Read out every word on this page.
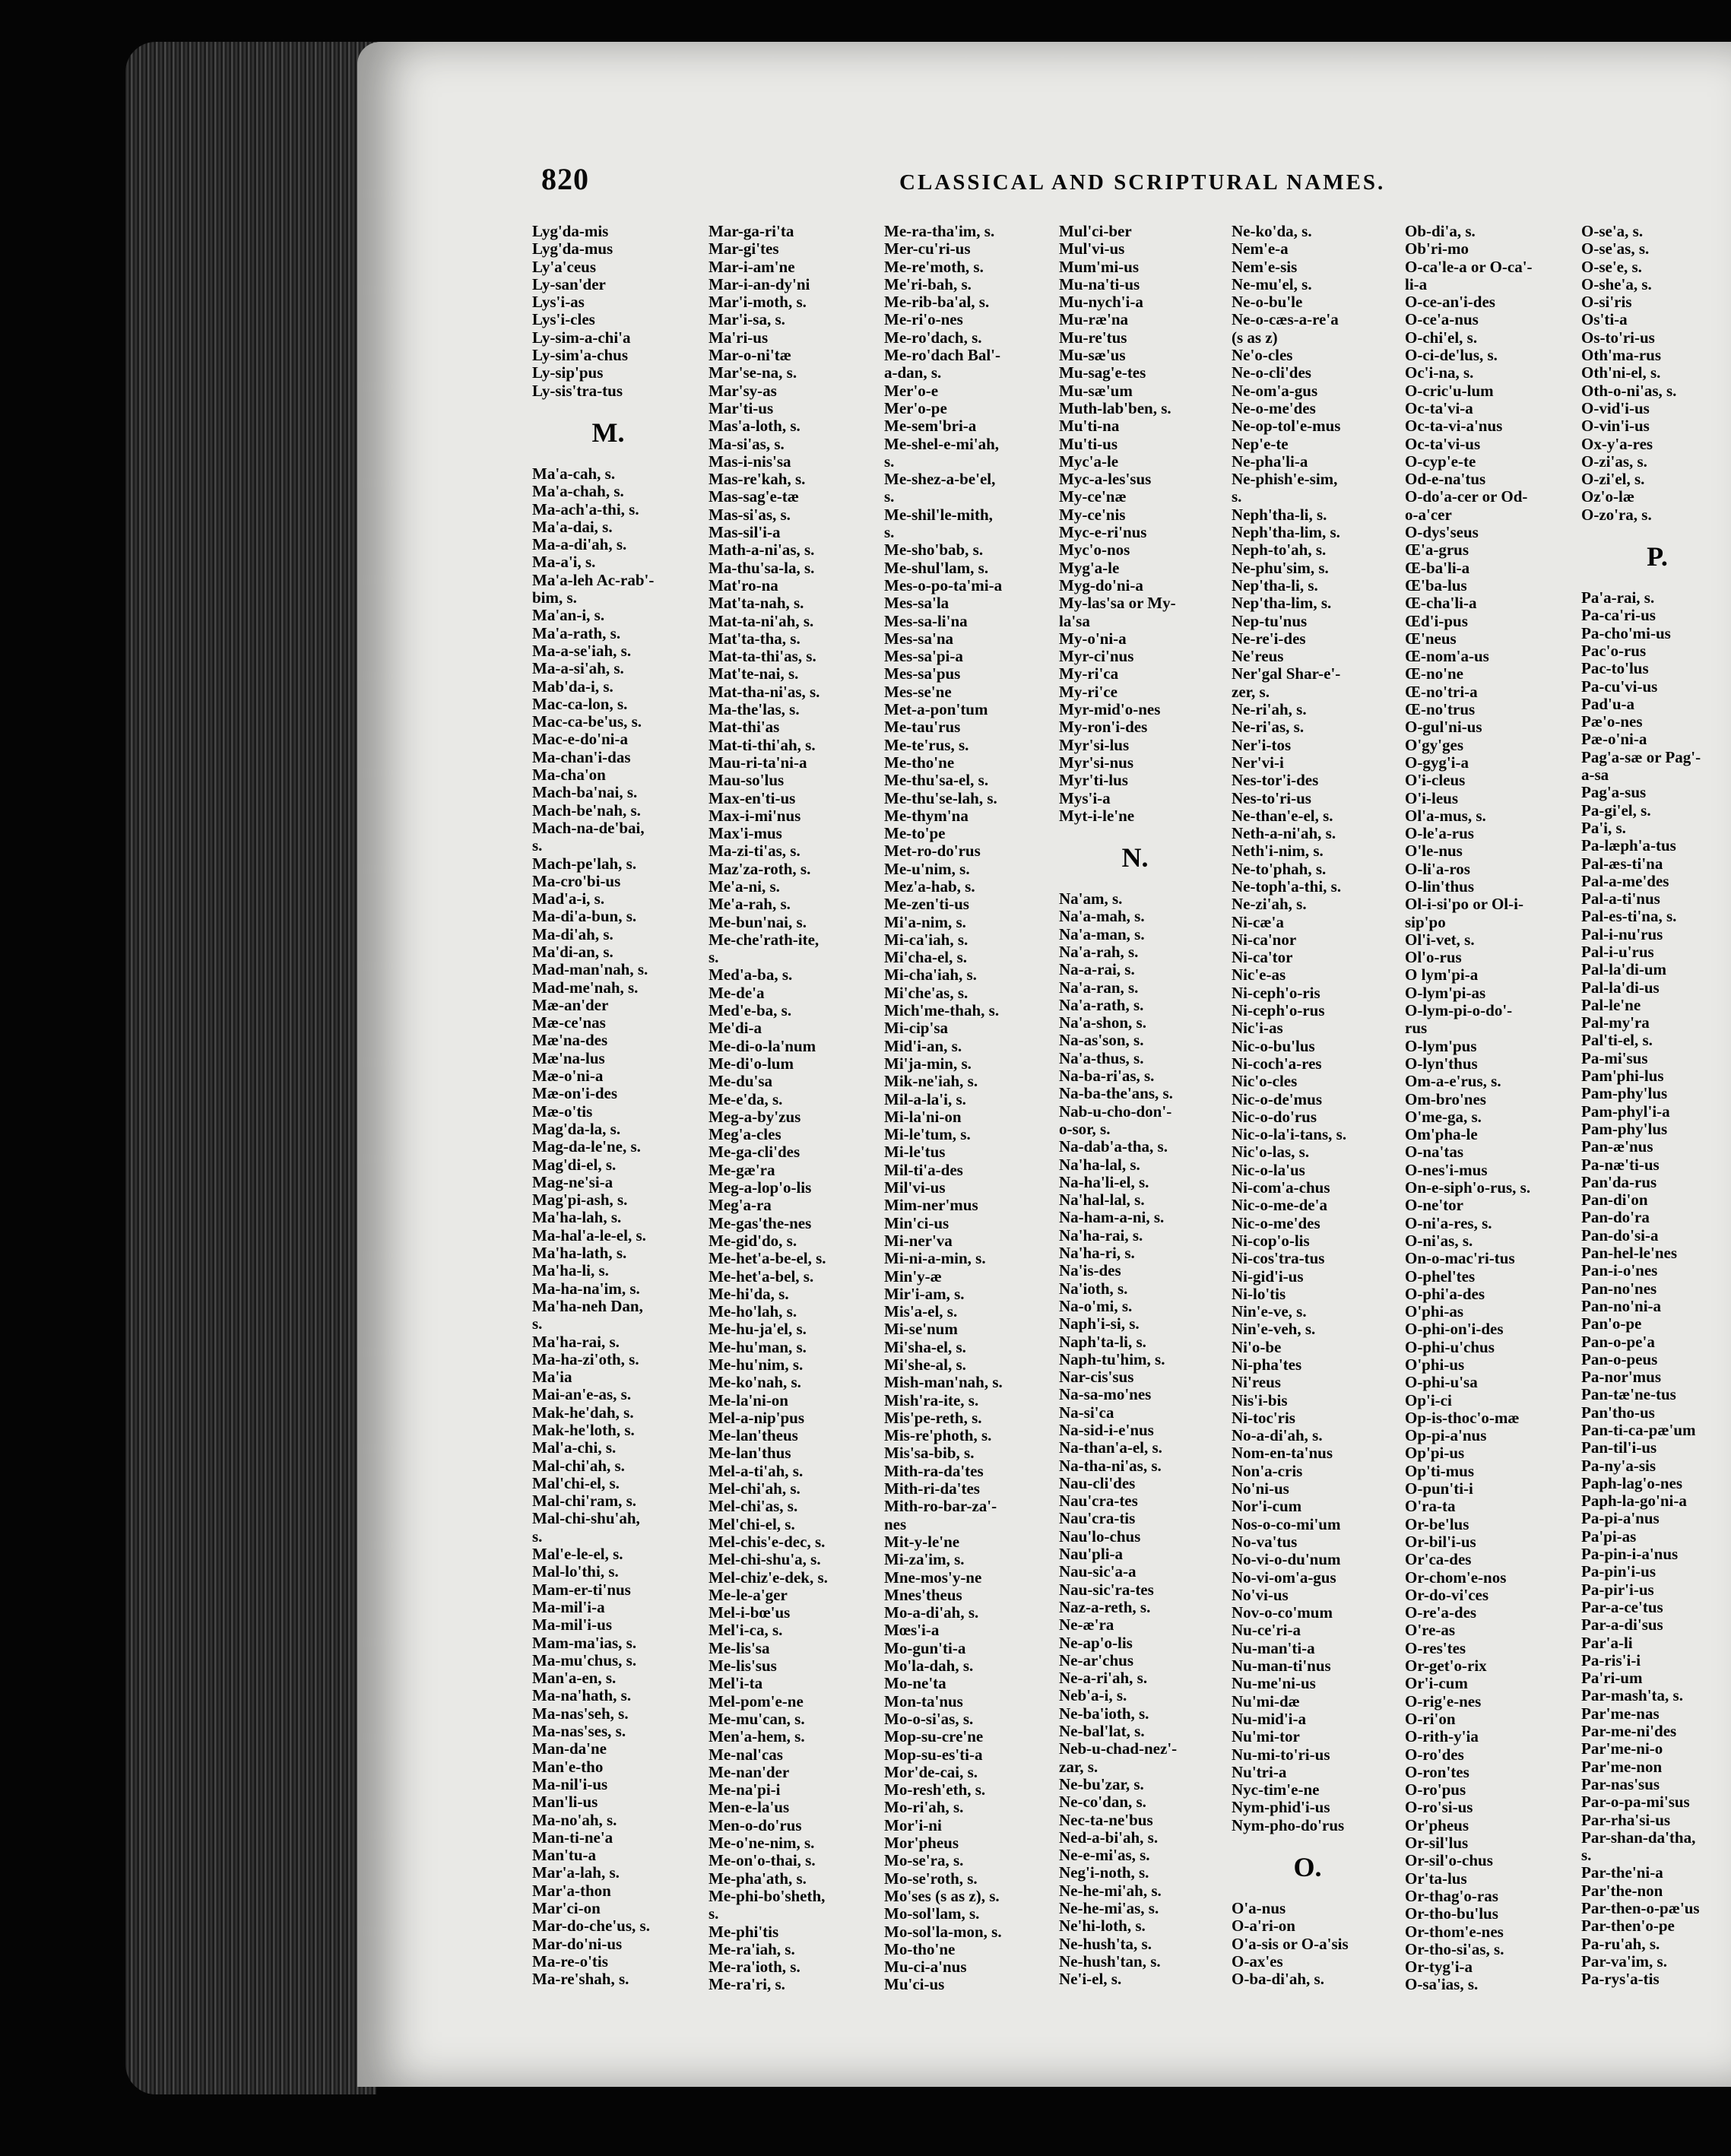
820	CLASSICAL AND SCRIPTURAL NAMES.
Lyg'da-mis
Lyg'da-mus
Ly'a'ceus
Ly-san'der
Lys'i-as
Lys'i-cles
Ly-sim-a-chi'a
Ly-sim'a-chus
Ly-sip'pus
Ly-sis'tra-tus
M.
Ma'a-cah, s.
Ma'a-chah, s.
Ma-ach'a-thi, s.
Ma'a-dai, s.
Ma-a-di'ah, s.
Ma-a'i, s.
Ma'a-leh Ac-rab'-
bim, s.
Ma'an-i, s.
Ma'a-rath, s.
Ma-a-se'iah, s.
Ma-a-si'ah, s.
Mab'da-i, s.
Mac-ca-lon, s.
Mac-ca-be'us, s.
Mac-e-do'ni-a
Ma-chan'i-das
Ma-cha'on
Mach-ba'nai, s.
Mach-be'nah, s.
Mach-na-de'bai,
s.
Mach-pe'lah, s.
Ma-cro'bi-us
Mad'a-i, s.
Ma-di'a-bun, s.
Ma-di'ah, s.
Ma'di-an, s.
Mad-man'nah, s.
Mad-me'nah, s.
Mæ-an'der
Mæ-ce'nas
Mæ'na-des
Mæ'na-lus
Mæ-o'ni-a
Mæ-on'i-des
Mæ-o'tis
Mag'da-la, s.
Mag-da-le'ne, s.
Mag'di-el, s.
Mag-ne'si-a
Mag'pi-ash, s.
Ma'ha-lah, s.
Ma-hal'a-le-el, s.
Ma'ha-lath, s.
Ma'ha-li, s.
Ma-ha-na'im, s.
Ma'ha-neh Dan,
s.
Ma'ha-rai, s.
Ma-ha-zi'oth, s.
Ma'ia
Mai-an'e-as, s.
Mak-he'dah, s.
Mak-he'loth, s.
Mal'a-chi, s.
Mal-chi'ah, s.
Mal'chi-el, s.
Mal-chi'ram, s.
Mal-chi-shu'ah,
s.
Mal'e-le-el, s.
Mal-lo'thi, s.
Mam-er-ti'nus
Ma-mil'i-a
Ma-mil'i-us
Mam-ma'ias, s.
Ma-mu'chus, s.
Man'a-en, s.
Ma-na'hath, s.
Ma-nas'seh, s.
Ma-nas'ses, s.
Man-da'ne
Man'e-tho
Ma-nil'i-us
Man'li-us
Ma-no'ah, s.
Man-ti-ne'a
Man'tu-a
Mar'a-lah, s.
Mar'a-thon
Mar'ci-on
Mar-do-che'us, s.
Mar-do'ni-us
Ma-re-o'tis
Ma-re'shah, s.
Mar-ga-ri'ta
Mar-gi'tes
Mar-i-am'ne
Mar-i-an-dy'ni
Mar'i-moth, s.
Mar'i-sa, s.
Ma'ri-us
Mar-o-ni'tæ
Mar'se-na, s.
Mar'sy-as
Mar'ti-us
Mas'a-loth, s.
Ma-si'as, s.
Mas-i-nis'sa
Mas-re'kah, s.
Mas-sag'e-tæ
Mas-si'as, s.
Mas-sil'i-a
Math-a-ni'as, s.
Ma-thu'sa-la, s.
Mat'ro-na
Mat'ta-nah, s.
Mat-ta-ni'ah, s.
Mat'ta-tha, s.
Mat-ta-thi'as, s.
Mat'te-nai, s.
Mat-tha-ni'as, s.
Ma-the'las, s.
Mat-thi'as
Mat-ti-thi'ah, s.
Mau-ri-ta'ni-a
Mau-so'lus
Max-en'ti-us
Max-i-mi'nus
Max'i-mus
Ma-zi-ti'as, s.
Maz'za-roth, s.
Me'a-ni, s.
Me'a-rah, s.
Me-bun'nai, s.
Me-che'rath-ite,
s.
Med'a-ba, s.
Me-de'a
Med'e-ba, s.
Me'di-a
Me-di-o-la'num
Me-di'o-lum
Me-du'sa
Me-e'da, s.
Meg-a-by'zus
Meg'a-cles
Me-ga-cli'des
Me-gæ'ra
Meg-a-lop'o-lis
Meg'a-ra
Me-gas'the-nes
Me-gid'do, s.
Me-het'a-be-el, s.
Me-het'a-bel, s.
Me-hi'da, s.
Me-ho'lah, s.
Me-hu-ja'el, s.
Me-hu'man, s.
Me-hu'nim, s.
Me-ko'nah, s.
Me-la'ni-on
Mel-a-nip'pus
Me-lan'theus
Me-lan'thus
Mel-a-ti'ah, s.
Mel-chi'ah, s.
Mel-chi'as, s.
Mel'chi-el, s.
Mel-chis'e-dec, s.
Mel-chi-shu'a, s.
Mel-chiz'e-dek, s.
Me-le-a'ger
Mel-i-bœ'us
Mel'i-ca, s.
Me-lis'sa
Me-lis'sus
Mel'i-ta
Mel-pom'e-ne
Me-mu'can, s.
Men'a-hem, s.
Me-nal'cas
Me-nan'der
Me-na'pi-i
Men-e-la'us
Men-o-do'rus
Me-o'ne-nim, s.
Me-on'o-thai, s.
Me-pha'ath, s.
Me-phi-bo'sheth,
s.
Me-phi'tis
Me-ra'iah, s.
Me-ra'ioth, s.
Me-ra'ri, s.
Me-ra-tha'im, s.
Mer-cu'ri-us
Me-re'moth, s.
Me'ri-bah, s.
Me-rib-ba'al, s.
Me-ri'o-nes
Me-ro'dach, s.
Me-ro'dach Bal'-
a-dan, s.
Mer'o-e
Mer'o-pe
Me-sem'bri-a
Me-shel-e-mi'ah,
s.
Me-shez-a-be'el,
s.
Me-shil'le-mith,
s.
Me-sho'bab, s.
Me-shul'lam, s.
Mes-o-po-ta'mi-a
Mes-sa'la
Mes-sa-li'na
Mes-sa'na
Mes-sa'pi-a
Mes-sa'pus
Mes-se'ne
Met-a-pon'tum
Me-tau'rus
Me-te'rus, s.
Me-tho'ne
Me-thu'sa-el, s.
Me-thu'se-lah, s.
Me-thym'na
Me-to'pe
Met-ro-do'rus
Me-u'nim, s.
Mez'a-hab, s.
Me-zen'ti-us
Mi'a-nim, s.
Mi-ca'iah, s.
Mi'cha-el, s.
Mi-cha'iah, s.
Mi'che'as, s.
Mich'me-thah, s.
Mi-cip'sa
Mid'i-an, s.
Mi'ja-min, s.
Mik-ne'iah, s.
Mil-a-la'i, s.
Mi-la'ni-on
Mi-le'tum, s.
Mi-le'tus
Mil-ti'a-des
Mil'vi-us
Mim-ner'mus
Min'ci-us
Mi-ner'va
Mi-ni-a-min, s.
Min'y-æ
Mir'i-am, s.
Mis'a-el, s.
Mi-se'num
Mi'sha-el, s.
Mi'she-al, s.
Mish-man'nah, s.
Mish'ra-ite, s.
Mis'pe-reth, s.
Mis-re'photh, s.
Mis'sa-bib, s.
Mith-ra-da'tes
Mith-ri-da'tes
Mith-ro-bar-za'-
nes
Mit-y-le'ne
Mi-za'im, s.
Mne-mos'y-ne
Mnes'theus
Mo-a-di'ah, s.
Mœs'i-a
Mo-gun'ti-a
Mo'la-dah, s.
Mo-ne'ta
Mon-ta'nus
Mo-o-si'as, s.
Mop-su-cre'ne
Mop-su-es'ti-a
Mor'de-cai, s.
Mo-resh'eth, s.
Mo-ri'ah, s.
Mor'i-ni
Mor'pheus
Mo-se'ra, s.
Mo-se'roth, s.
Mo'ses (s as z), s.
Mo-sol'lam, s.
Mo-sol'la-mon, s.
Mo-tho'ne
Mu-ci-a'nus
Mu'ci-us
Mul'ci-ber
Mul'vi-us
Mum'mi-us
Mu-na'ti-us
Mu-nych'i-a
Mu-ræ'na
Mu-re'tus
Mu-sæ'us
Mu-sag'e-tes
Mu-sæ'um
Muth-lab'ben, s.
Mu'ti-na
Mu'ti-us
Myc'a-le
Myc-a-les'sus
My-ce'næ
My-ce'nis
Myc-e-ri'nus
Myc'o-nos
Myg'a-le
Myg-do'ni-a
My-las'sa or My-
la'sa
My-o'ni-a
Myr-ci'nus
My-ri'ca
My-ri'ce
Myr-mid'o-nes
My-ron'i-des
Myr'si-lus
Myr'si-nus
Myr'ti-lus
Mys'i-a
Myt-i-le'ne
N.
Na'am, s.
Na'a-mah, s.
Na'a-man, s.
Na'a-rah, s.
Na-a-rai, s.
Na'a-ran, s.
Na'a-rath, s.
Na'a-shon, s.
Na-as'son, s.
Na'a-thus, s.
Na-ba-ri'as, s.
Na-ba-the'ans, s.
Nab-u-cho-don'-
o-sor, s.
Na-dab'a-tha, s.
Na'ha-lal, s.
Na-ha'li-el, s.
Na'hal-lal, s.
Na-ham-a-ni, s.
Na'ha-rai, s.
Na'ha-ri, s.
Na'is-des
Na'ioth, s.
Na-o'mi, s.
Naph'i-si, s.
Naph'ta-li, s.
Naph-tu'him, s.
Nar-cis'sus
Na-sa-mo'nes
Na-si'ca
Na-sid-i-e'nus
Na-than'a-el, s.
Na-tha-ni'as, s.
Nau-cli'des
Nau'cra-tes
Nau'cra-tis
Nau'lo-chus
Nau'pli-a
Nau-sic'a-a
Nau-sic'ra-tes
Naz-a-reth, s.
Ne-æ'ra
Ne-ap'o-lis
Ne-ar'chus
Ne-a-ri'ah, s.
Neb'a-i, s.
Ne-ba'ioth, s.
Ne-bal'lat, s.
Neb-u-chad-nez'-
zar, s.
Ne-bu'zar, s.
Ne-co'dan, s.
Nec-ta-ne'bus
Ned-a-bi'ah, s.
Ne-e-mi'as, s.
Neg'i-noth, s.
Ne-he-mi'ah, s.
Ne-he-mi'as, s.
Ne'hi-loth, s.
Ne-hush'ta, s.
Ne-hush'tan, s.
Ne'i-el, s.
Ne-ko'da, s.
Nem'e-a
Nem'e-sis
Ne-mu'el, s.
Ne-o-bu'le
Ne-o-cæs-a-re'a
(s as z)
Ne'o-cles
Ne-o-cli'des
Ne-om'a-gus
Ne-o-me'des
Ne-op-tol'e-mus
Nep'e-te
Ne-pha'li-a
Ne-phish'e-sim,
s.
Neph'tha-li, s.
Neph'tha-lim, s.
Neph-to'ah, s.
Ne-phu'sim, s.
Nep'tha-li, s.
Nep'tha-lim, s.
Nep-tu'nus
Ne-re'i-des
Ne'reus
Ner'gal Shar-e'-
zer, s.
Ne-ri'ah, s.
Ne-ri'as, s.
Ner'i-tos
Ner'vi-i
Nes-tor'i-des
Nes-to'ri-us
Ne-than'e-el, s.
Neth-a-ni'ah, s.
Neth'i-nim, s.
Ne-to'phah, s.
Ne-toph'a-thi, s.
Ne-zi'ah, s.
Ni-cæ'a
Ni-ca'nor
Ni-ca'tor
Nic'e-as
Ni-ceph'o-ris
Ni-ceph'o-rus
Nic'i-as
Nic-o-bu'lus
Ni-coch'a-res
Nic'o-cles
Nic-o-de'mus
Nic-o-do'rus
Nic-o-la'i-tans, s.
Nic'o-las, s.
Nic-o-la'us
Ni-com'a-chus
Nic-o-me-de'a
Nic-o-me'des
Ni-cop'o-lis
Ni-cos'tra-tus
Ni-gid'i-us
Ni-lo'tis
Nin'e-ve, s.
Nin'e-veh, s.
Ni'o-be
Ni-pha'tes
Ni'reus
Nis'i-bis
Ni-toc'ris
No-a-di'ah, s.
Nom-en-ta'nus
Non'a-cris
No'ni-us
Nor'i-cum
Nos-o-co-mi'um
No-va'tus
No-vi-o-du'num
No-vi-om'a-gus
No'vi-us
Nov-o-co'mum
Nu-ce'ri-a
Nu-man'ti-a
Nu-man-ti'nus
Nu-me'ni-us
Nu'mi-dæ
Nu-mid'i-a
Nu'mi-tor
Nu-mi-to'ri-us
Nu'tri-a
Nyc-tim'e-ne
Nym-phid'i-us
Nym-pho-do'rus
O.
O'a-nus
O-a'ri-on
O'a-sis or O-a'sis
O-ax'es
O-ba-di'ah, s.
Ob-di'a, s.
Ob'ri-mo
O-ca'le-a or O-ca'-
li-a
O-ce-an'i-des
O-ce'a-nus
O-chi'el, s.
O-ci-de'lus, s.
Oc'i-na, s.
O-cric'u-lum
Oc-ta'vi-a
Oc-ta-vi-a'nus
Oc-ta'vi-us
O-cyp'e-te
Od-e-na'tus
O-do'a-cer or Od-
o-a'cer
O-dys'seus
Œ'a-grus
Œ-ba'li-a
Œ'ba-lus
Œ-cha'li-a
Œd'i-pus
Œ'neus
Œ-nom'a-us
Œ-no'ne
Œ-no'tri-a
Œ-no'trus
O-gul'ni-us
O'gy'ges
O-gyg'i-a
O'i-cleus
O'i-leus
Ol'a-mus, s.
O-le'a-rus
O'le-nus
O-li'a-ros
O-lin'thus
Ol-i-si'po or Ol-i-
sip'po
Ol'i-vet, s.
Ol'o-rus
O lym'pi-a
O-lym'pi-as
O-lym-pi-o-do'-
rus
O-lym'pus
O-lyn'thus
Om-a-e'rus, s.
Om-bro'nes
O'me-ga, s.
Om'pha-le
O-na'tas
O-nes'i-mus
On-e-siph'o-rus, s.
O-ne'tor
O-ni'a-res, s.
O-ni'as, s.
On-o-mac'ri-tus
O-phel'tes
O-phi'a-des
O'phi-as
O-phi-on'i-des
O-phi-u'chus
O'phi-us
O-phi-u'sa
Op'i-ci
Op-is-thoc'o-mæ
Op-pi-a'nus
Op'pi-us
Op'ti-mus
O-pun'ti-i
O'ra-ta
Or-be'lus
Or-bil'i-us
Or'ca-des
Or-chom'e-nos
Or-do-vi'ces
O-re'a-des
O're-as
O-res'tes
Or-get'o-rix
Or'i-cum
O-rig'e-nes
O-ri'on
O-rith-y'ia
O-ro'des
O-ron'tes
O-ro'pus
O-ro'si-us
Or'pheus
Or-sil'lus
Or-sil'o-chus
Or'ta-lus
Or-thag'o-ras
Or-tho-bu'lus
Or-thom'e-nes
Or-tho-si'as, s.
Or-tyg'i-a
O-sa'ias, s.
O-se'a, s.
O-se'as, s.
O-se'e, s.
O-she'a, s.
O-si'ris
Os'ti-a
Os-to'ri-us
Oth'ma-rus
Oth'ni-el, s.
Oth-o-ni'as, s.
O-vid'i-us
O-vin'i-us
Ox-y'a-res
O-zi'as, s.
O-zi'el, s.
Oz'o-læ
O-zo'ra, s.
P.
Pa'a-rai, s.
Pa-ca'ri-us
Pa-cho'mi-us
Pac'o-rus
Pac-to'lus
Pa-cu'vi-us
Pad'u-a
Pæ'o-nes
Pæ-o'ni-a
Pag'a-sæ or Pag'-
a-sa
Pag'a-sus
Pa-gi'el, s.
Pa'i, s.
Pa-læph'a-tus
Pal-æs-ti'na
Pal-a-me'des
Pal-a-ti'nus
Pal-es-ti'na, s.
Pal-i-nu'rus
Pal-i-u'rus
Pal-la'di-um
Pal-la'di-us
Pal-le'ne
Pal-my'ra
Pal'ti-el, s.
Pa-mi'sus
Pam'phi-lus
Pam-phy'lus
Pam-phyl'i-a
Pam-phy'lus
Pan-æ'nus
Pa-næ'ti-us
Pan'da-rus
Pan-di'on
Pan-do'ra
Pan-do'si-a
Pan-hel-le'nes
Pan-i-o'nes
Pan-no'nes
Pan-no'ni-a
Pan'o-pe
Pan-o-pe'a
Pan-o-peus
Pa-nor'mus
Pan-tæ'ne-tus
Pan'tho-us
Pan-ti-ca-pæ'um
Pan-til'i-us
Pa-ny'a-sis
Paph-lag'o-nes
Paph-la-go'ni-a
Pa-pi-a'nus
Pa'pi-as
Pa-pin-i-a'nus
Pa-pin'i-us
Pa-pir'i-us
Par-a-ce'tus
Par-a-di'sus
Par'a-li
Pa-ris'i-i
Pa'ri-um
Par-mash'ta, s.
Par'me-nas
Par-me-ni'des
Par'me-ni-o
Par'me-non
Par-nas'sus
Par-o-pa-mi'sus
Par-rha'si-us
Par-shan-da'tha,
s.
Par-the'ni-a
Par'the-non
Par-then-o-pæ'us
Par-then'o-pe
Pa-ru'ah, s.
Par-va'im, s.
Pa-rys'a-tis
